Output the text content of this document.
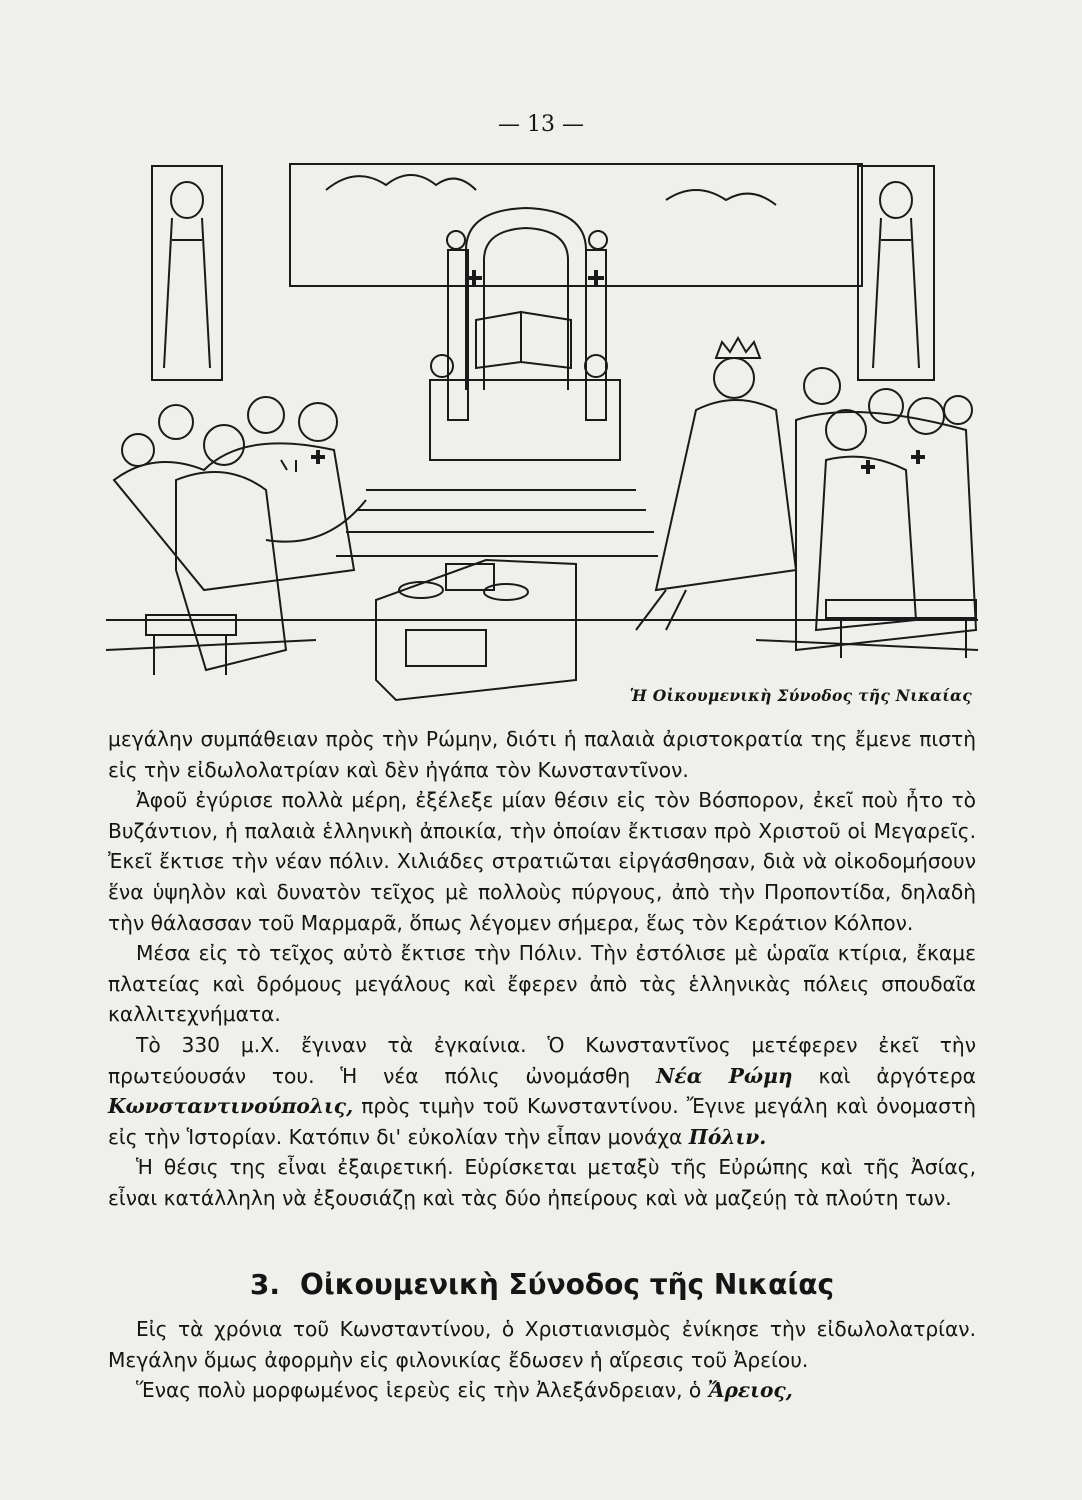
— 13 —
Ἡ Οἰκουμενικὴ Σύνοδος τῆς Νικαίας

μεγάλην συμπάθειαν πρὸς τὴν Ρώμην, διότι ἡ παλαιὰ ἀριστοκρατία της ἔμενε πιστὴ εἰς τὴν εἰδωλολατρίαν καὶ δὲν ἠγάπα τὸν Κωνσταντῖνον.

Ἀφοῦ ἐγύρισε πολλὰ μέρη, ἐξέλεξε μίαν θέσιν εἰς τὸν Βόσπορον, ἐκεῖ ποὺ ἦτο τὸ Βυζάντιον, ἡ παλαιὰ ἑλληνικὴ ἀποικία, τὴν ὁποίαν ἔκτισαν πρὸ Χριστοῦ οἱ Μεγαρεῖς. Ἐκεῖ ἔκτισε τὴν νέαν πόλιν. Χιλιάδες στρατιῶται εἰργάσθησαν, διὰ νὰ οἰκοδομήσουν ἕνα ὑψηλὸν καὶ δυνατὸν τεῖχος μὲ πολλοὺς πύργους, ἀπὸ τὴν Προποντίδα, δηλαδὴ τὴν θάλασσαν τοῦ Μαρμαρᾶ, ὅπως λέγομεν σήμερα, ἕως τὸν Κεράτιον Κόλπον.

Μέσα εἰς τὸ τεῖχος αὐτὸ ἔκτισε τὴν Πόλιν. Τὴν ἐστόλισε μὲ ὡραῖα κτίρια, ἔκαμε πλατείας καὶ δρόμους μεγάλους καὶ ἔφερεν ἀπὸ τὰς ἑλληνικὰς πόλεις σπουδαῖα καλλιτεχνήματα.

Τὸ 330 μ.Χ. ἔγιναν τὰ ἐγκαίνια. Ὁ Κωνσταντῖνος μετέφερεν ἐκεῖ τὴν πρωτεύουσάν του. Ἡ νέα πόλις ὠνομάσθη Νέα Ρώμη καὶ ἀργότερα Κωνσταντινούπολις, πρὸς τιμὴν τοῦ Κωνσταντίνου. Ἔγινε μεγάλη καὶ ὀνομαστὴ εἰς τὴν Ἱστορίαν. Κατόπιν δι' εὐκολίαν τὴν εἶπαν μονάχα Πόλιν.

Ἡ θέσις της εἶναι ἐξαιρετική. Εὑρίσκεται μεταξὺ τῆς Εὐρώπης καὶ τῆς Ἀσίας, εἶναι κατάλληλη νὰ ἐξουσιάζῃ καὶ τὰς δύο ἠπείρους καὶ νὰ μαζεύῃ τὰ πλούτη των.

3. Οἰκουμενικὴ Σύνοδος τῆς Νικαίας

Εἰς τὰ χρόνια τοῦ Κωνσταντίνου, ὁ Χριστιανισμὸς ἐνίκησε τὴν εἰδωλολατρίαν. Μεγάλην ὅμως ἀφορμὴν εἰς φιλονικίας ἔδωσεν ἡ αἵρεσις τοῦ Ἀρείου.

Ἕνας πολὺ μορφωμένος ἱερεὺς εἰς τὴν Ἀλεξάνδρειαν, ὁ Ἄρειος,
